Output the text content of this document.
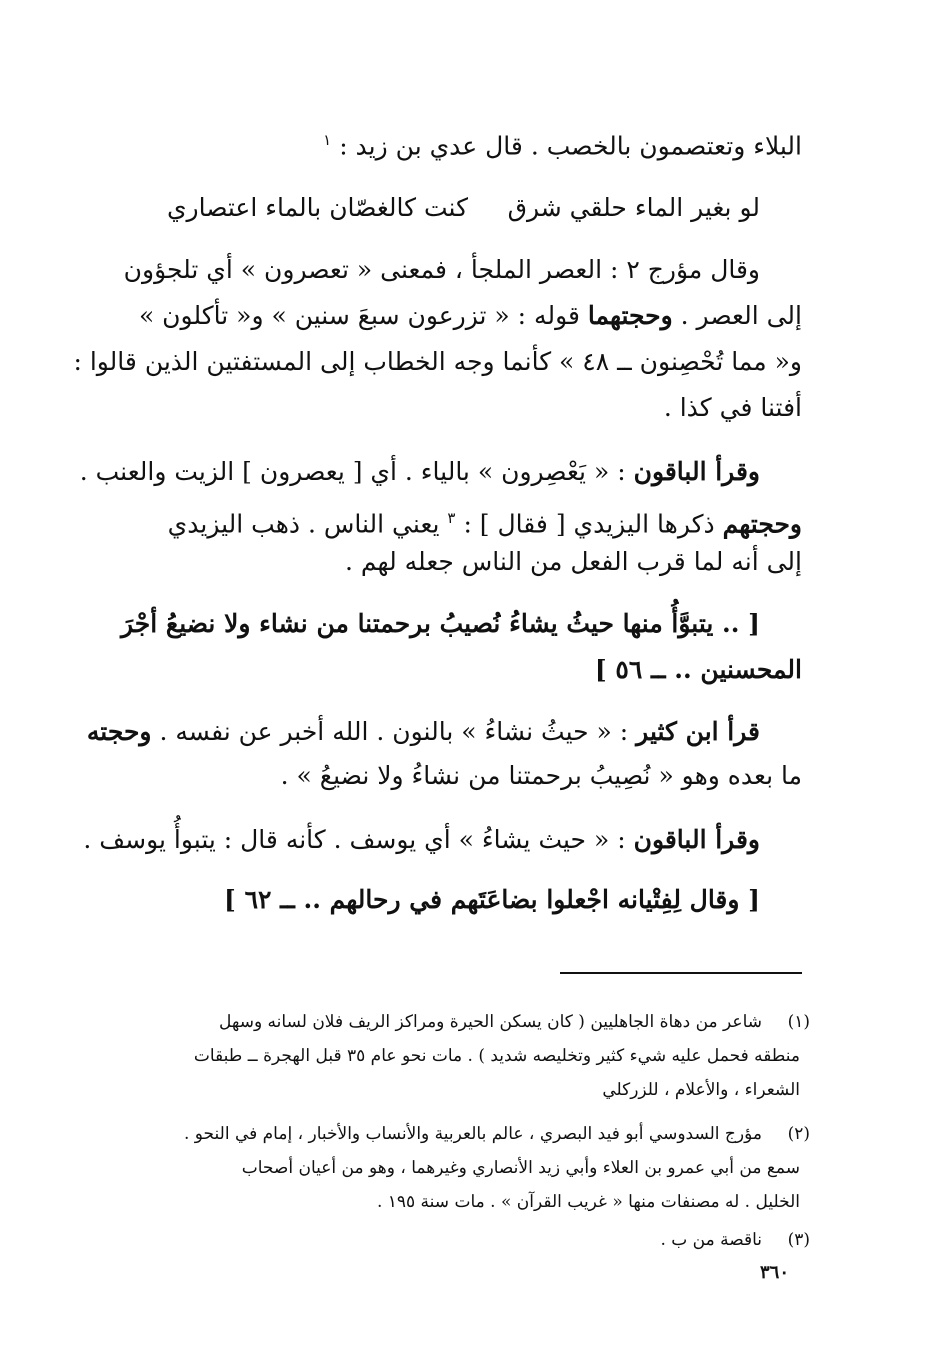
البلاء وتعتصمون بالخصب . قال عدي بن زيد : $^١$
لو بغير الماء حلقي شرق
كنت كالغصّان بالماء اعتصاري
وقال مؤرج ٢ : العصر الملجأ ، فمعنى « تعصرون » أي تلجؤون
إلى العصر . وحجتهما قوله : « تزرعون سبعَ سنين » و« تأكلون »
و« مما تُحْصِنون ــ ٤٨ » كأنما وجه الخطاب إلى المستفتين الذين قالوا :
أفتنا في كذا .
وقرأ الباقون : « يَعْصِرون » بالياء . أي [ يعصرون ] الزيت والعنب .
وحجتهم ذكرها اليزيدي [ فقال ] : $^٣$ يعني الناس . ذهب اليزيدي
إلى أنه لما قرب الفعل من الناس جعله لهم .
[ .. يتبوَّأُ منها حيثُ يشاءُ نُصيبُ برحمتنا من نشاء ولا نضيعُ أجْرَ
المحسنين .. ــ ٥٦ ]
قرأ ابن كثير : « حيثُ نشاءُ » بالنون . الله أخبر عن نفسه . وحجته
ما بعده وهو « نُصِيبُ برحمتنا من نشاءُ ولا نضيعُ » .
وقرأ الباقون : « حيث يشاءُ » أي يوسف . كأنه قال : يتبوأُ يوسف .
[ وقال لِفِتْيانه اجْعلوا بضاعَتَهم في رحالهم .. ــ ٦٢ ]
(١)
شاعر من دهاة الجاهليين ( كان يسكن الحيرة ومراكز الريف فلان لسانه وسهل
منطقه فحمل عليه شيء كثير وتخليصه شديد ) . مات نحو عام ٣٥ قبل الهجرة ــ طبقات
الشعراء ، والأعلام ، للزركلي
(٢)
مؤرج السدوسي أبو فيد البصري ، عالم بالعربية والأنساب والأخبار ، إمام في النحو .
سمع من أبي عمرو بن العلاء وأبي زيد الأنصاري وغيرهما ، وهو من أعيان أصحاب
الخليل . له مصنفات منها « غريب القرآن » . مات سنة ١٩٥ .
(٣)
ناقصة من ب .
٣٦٠
